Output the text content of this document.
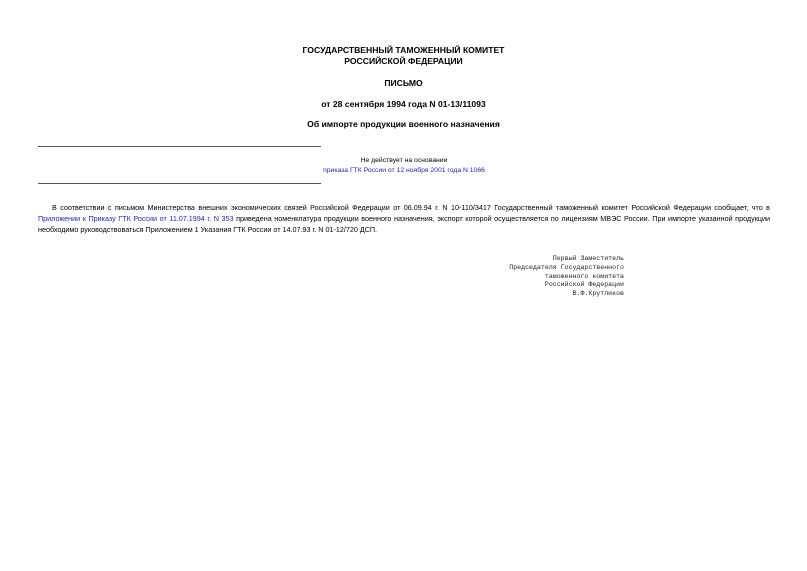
ГОСУДАРСТВЕННЫЙ ТАМОЖЕННЫЙ КОМИТЕТ
РОССИЙСКОЙ ФЕДЕРАЦИИ
ПИСЬМО
от 28 сентября 1994 года N 01-13/11093
Об импорте продукции военного назначения
Не действует на основании
приказа ГТК России от 12 ноября 2001 года N 1066
В соответствии с письмом Министерства внешних экономических связей Российской Федерации от 06.09.94 г. N 10-110/3417 Государственный таможенный комитет Российской Федерации сообщает, что в Приложении к Приказу ГТК России от 11.07.1994 г. N 353 приведена номенклатура продукции военного назначения, экспорт которой осуществляется по лицензиям МВЭС России. При импорте указанной продукции необходимо руководствоваться Приложением 1 Указания ГТК России от 14.07.93 г. N 01-12/720 ДСП.
Первый Заместитель
Председателя Государственного
таможенного комитета
Российской Федерации
В.Ф.Крутликов
